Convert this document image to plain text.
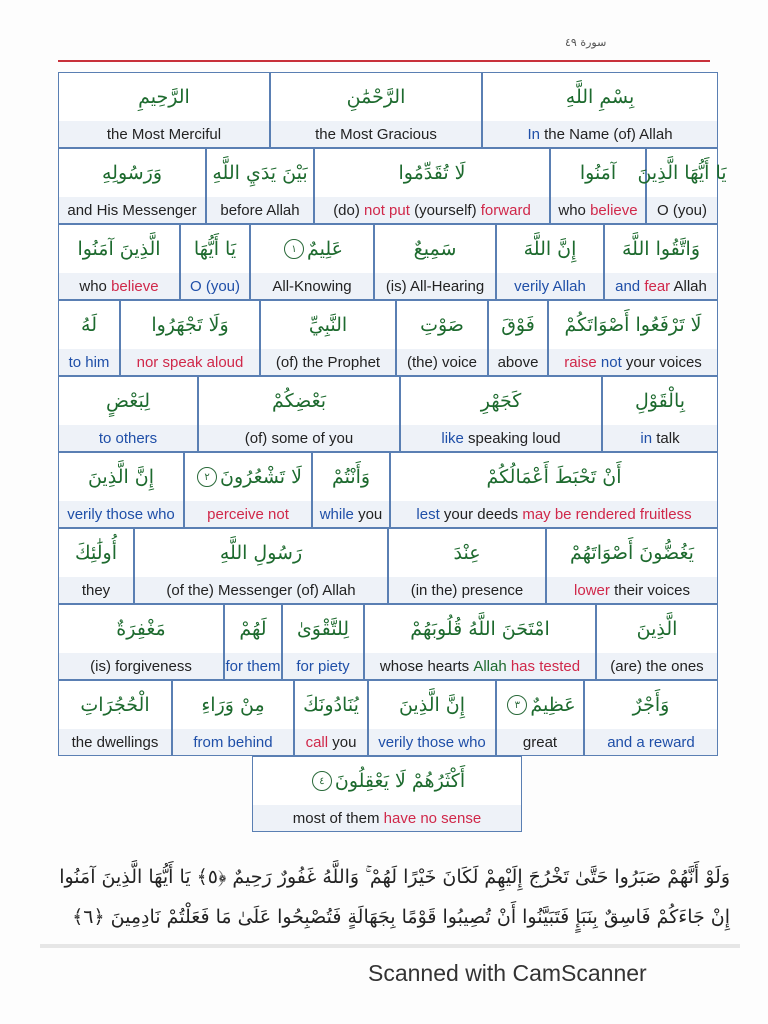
سورة ٤٩
الرَّحِيمِ
the Most Merciful
الرَّحْمَٰنِ
the Most Gracious
بِسْمِ اللَّهِ
In the Name (of) Allah
وَرَسُولِهِ
and His Messenger
بَيْنَ يَدَيِ اللَّهِ
before Allah
لَا تُقَدِّمُوا
(do) not put (yourself) forward
آمَنُوا
who believe
يَا أَيُّهَا الَّذِينَ
O (you)
الَّذِينَ آمَنُوا
who believe
يَا أَيُّهَا
O (you)
عَلِيمٌ
١
All-Knowing
سَمِيعٌ
(is) All-Hearing
إِنَّ اللَّهَ
verily Allah
وَاتَّقُوا اللَّهَ
and fear Allah
لَهُ
to him
وَلَا تَجْهَرُوا
nor speak aloud
النَّبِيِّ
(of) the Prophet
صَوْتِ
(the) voice
فَوْقَ
above
لَا تَرْفَعُوا أَصْوَاتَكُمْ
raise not your voices
لِبَعْضٍ
to others
بَعْضِكُمْ
(of) some of you
كَجَهْرِ
like speaking loud
بِالْقَوْلِ
in talk
إِنَّ الَّذِينَ
verily those who
لَا تَشْعُرُونَ
٢
perceive not
وَأَنْتُمْ
while you
أَنْ تَحْبَطَ أَعْمَالُكُمْ
lest your deeds may be rendered fruitless
أُولَٰئِكَ
they
رَسُولِ اللَّهِ
(of the) Messenger (of) Allah
عِنْدَ
(in the) presence
يَغُضُّونَ أَصْوَاتَهُمْ
lower their voices
مَغْفِرَةٌ
(is) forgiveness
لَهُمْ
for them
لِلتَّقْوَىٰ
for piety
امْتَحَنَ اللَّهُ قُلُوبَهُمْ
whose hearts Allah has tested
الَّذِينَ
(are) the ones
الْحُجُرَاتِ
the dwellings
مِنْ وَرَاءِ
from behind
يُنَادُونَكَ
call you
إِنَّ الَّذِينَ
verily those who
عَظِيمٌ
٣
great
وَأَجْرٌ
and a reward
أَكْثَرُهُمْ لَا يَعْقِلُونَ
٤
most of them have no sense
وَلَوْ أَنَّهُمْ صَبَرُوا حَتَّىٰ تَخْرُجَ إِلَيْهِمْ لَكَانَ خَيْرًا لَهُمْ ۚ وَاللَّهُ غَفُورٌ رَحِيمٌ ﴿٥﴾ يَا أَيُّهَا الَّذِينَ آمَنُوا
إِنْ جَاءَكُمْ فَاسِقٌ بِنَبَإٍ فَتَبَيَّنُوا أَنْ تُصِيبُوا قَوْمًا بِجَهَالَةٍ فَتُصْبِحُوا عَلَىٰ مَا فَعَلْتُمْ نَادِمِينَ ﴿٦﴾
Scanned with CamScanner
